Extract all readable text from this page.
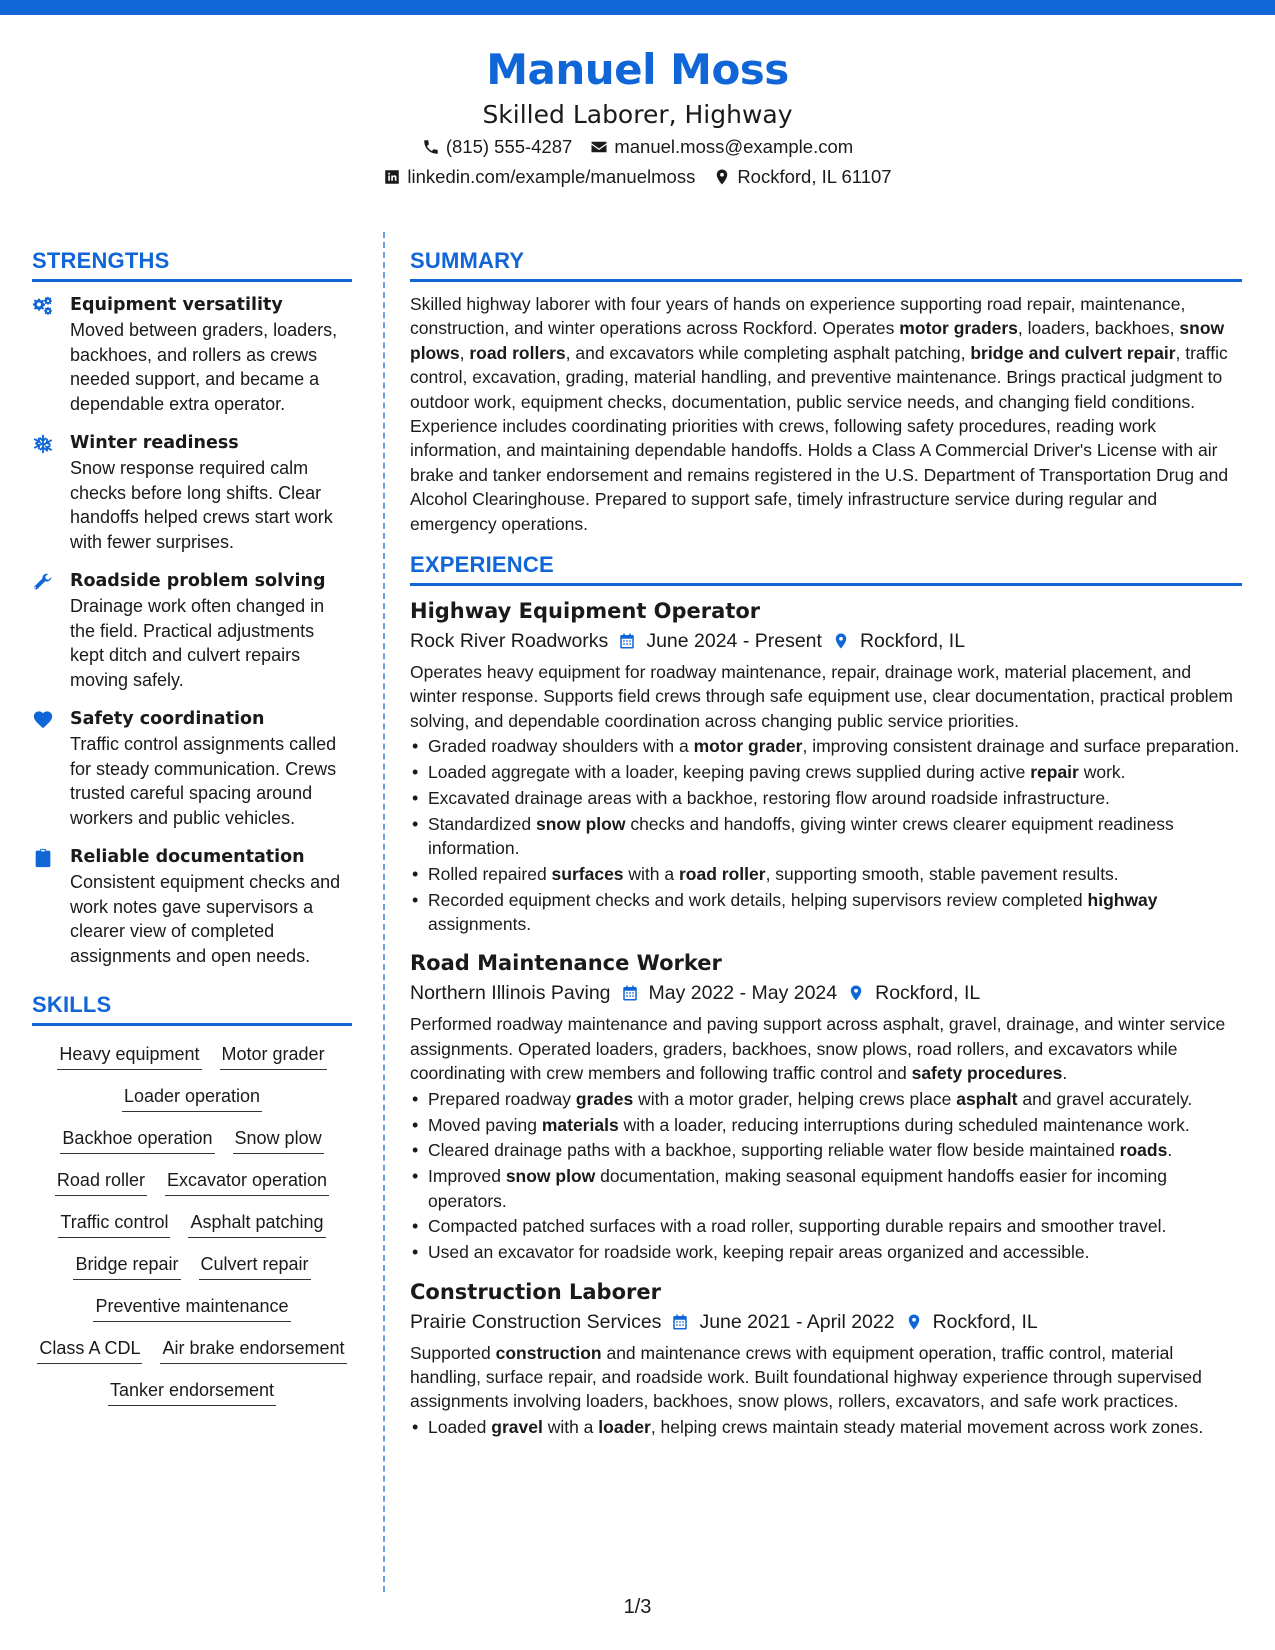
Manuel Moss
Skilled Laborer, Highway
(815) 555-4287 manuel.moss@example.com
linkedin.com/example/manuelmoss Rockford, IL 61107
STRENGTHS
Equipment versatility
Moved between graders, loaders, backhoes, and rollers as crews needed support, and became a dependable extra operator.
Winter readiness
Snow response required calm checks before long shifts. Clear handoffs helped crews start work with fewer surprises.
Roadside problem solving
Drainage work often changed in the field. Practical adjustments kept ditch and culvert repairs moving safely.
Safety coordination
Traffic control assignments called for steady communication. Crews trusted careful spacing around workers and public vehicles.
Reliable documentation
Consistent equipment checks and work notes gave supervisors a clearer view of completed assignments and open needs.
SKILLS
Heavy equipment Motor grader
Loader operation
Backhoe operation Snow plow
Road roller Excavator operation
Traffic control Asphalt patching
Bridge repair Culvert repair
Preventive maintenance
Class A CDL Air brake endorsement
Tanker endorsement
SUMMARY

Skilled highway laborer with four years of hands on experience supporting road repair, maintenance, construction, and winter operations across Rockford. Operates motor graders, loaders, backhoes, snow plows, road rollers, and excavators while completing asphalt patching, bridge and culvert repair, traffic control, excavation, grading, material handling, and preventive maintenance. Brings practical judgment to outdoor work, equipment checks, documentation, public service needs, and changing field conditions. Experience includes coordinating priorities with crews, following safety procedures, reading work information, and maintaining dependable handoffs. Holds a Class A Commercial Driver's License with air brake and tanker endorsement and remains registered in the U.S. Department of Transportation Drug and Alcohol Clearinghouse. Prepared to support safe, timely infrastructure service during regular and emergency operations.

EXPERIENCE
Highway Equipment Operator
Rock River Roadworks June 2024 - Present Rockford, IL
Operates heavy equipment for roadway maintenance, repair, drainage work, material placement, and winter response. Supports field crews through safe equipment use, clear documentation, practical problem solving, and dependable coordination across changing public service priorities.
• Graded roadway shoulders with a motor grader, improving consistent drainage and surface preparation.
• Loaded aggregate with a loader, keeping paving crews supplied during active repair work.
• Excavated drainage areas with a backhoe, restoring flow around roadside infrastructure.
• Standardized snow plow checks and handoffs, giving winter crews clearer equipment readiness information.
• Rolled repaired surfaces with a road roller, supporting smooth, stable pavement results.
• Recorded equipment checks and work details, helping supervisors review completed highway assignments.
Road Maintenance Worker
Northern Illinois Paving May 2022 - May 2024 Rockford, IL
Performed roadway maintenance and paving support across asphalt, gravel, drainage, and winter service assignments. Operated loaders, graders, backhoes, snow plows, road rollers, and excavators while coordinating with crew members and following traffic control and safety procedures.
• Prepared roadway grades with a motor grader, helping crews place asphalt and gravel accurately.
• Moved paving materials with a loader, reducing interruptions during scheduled maintenance work.
• Cleared drainage paths with a backhoe, supporting reliable water flow beside maintained roads.
• Improved snow plow documentation, making seasonal equipment handoffs easier for incoming operators.
• Compacted patched surfaces with a road roller, supporting durable repairs and smoother travel.
• Used an excavator for roadside work, keeping repair areas organized and accessible.
Construction Laborer
Prairie Construction Services June 2021 - April 2022 Rockford, IL
Supported construction and maintenance crews with equipment operation, traffic control, material handling, surface repair, and roadside work. Built foundational highway experience through supervised assignments involving loaders, backhoes, snow plows, rollers, excavators, and safe work practices.
• Loaded gravel with a loader, helping crews maintain steady material movement across work zones.
1/3
